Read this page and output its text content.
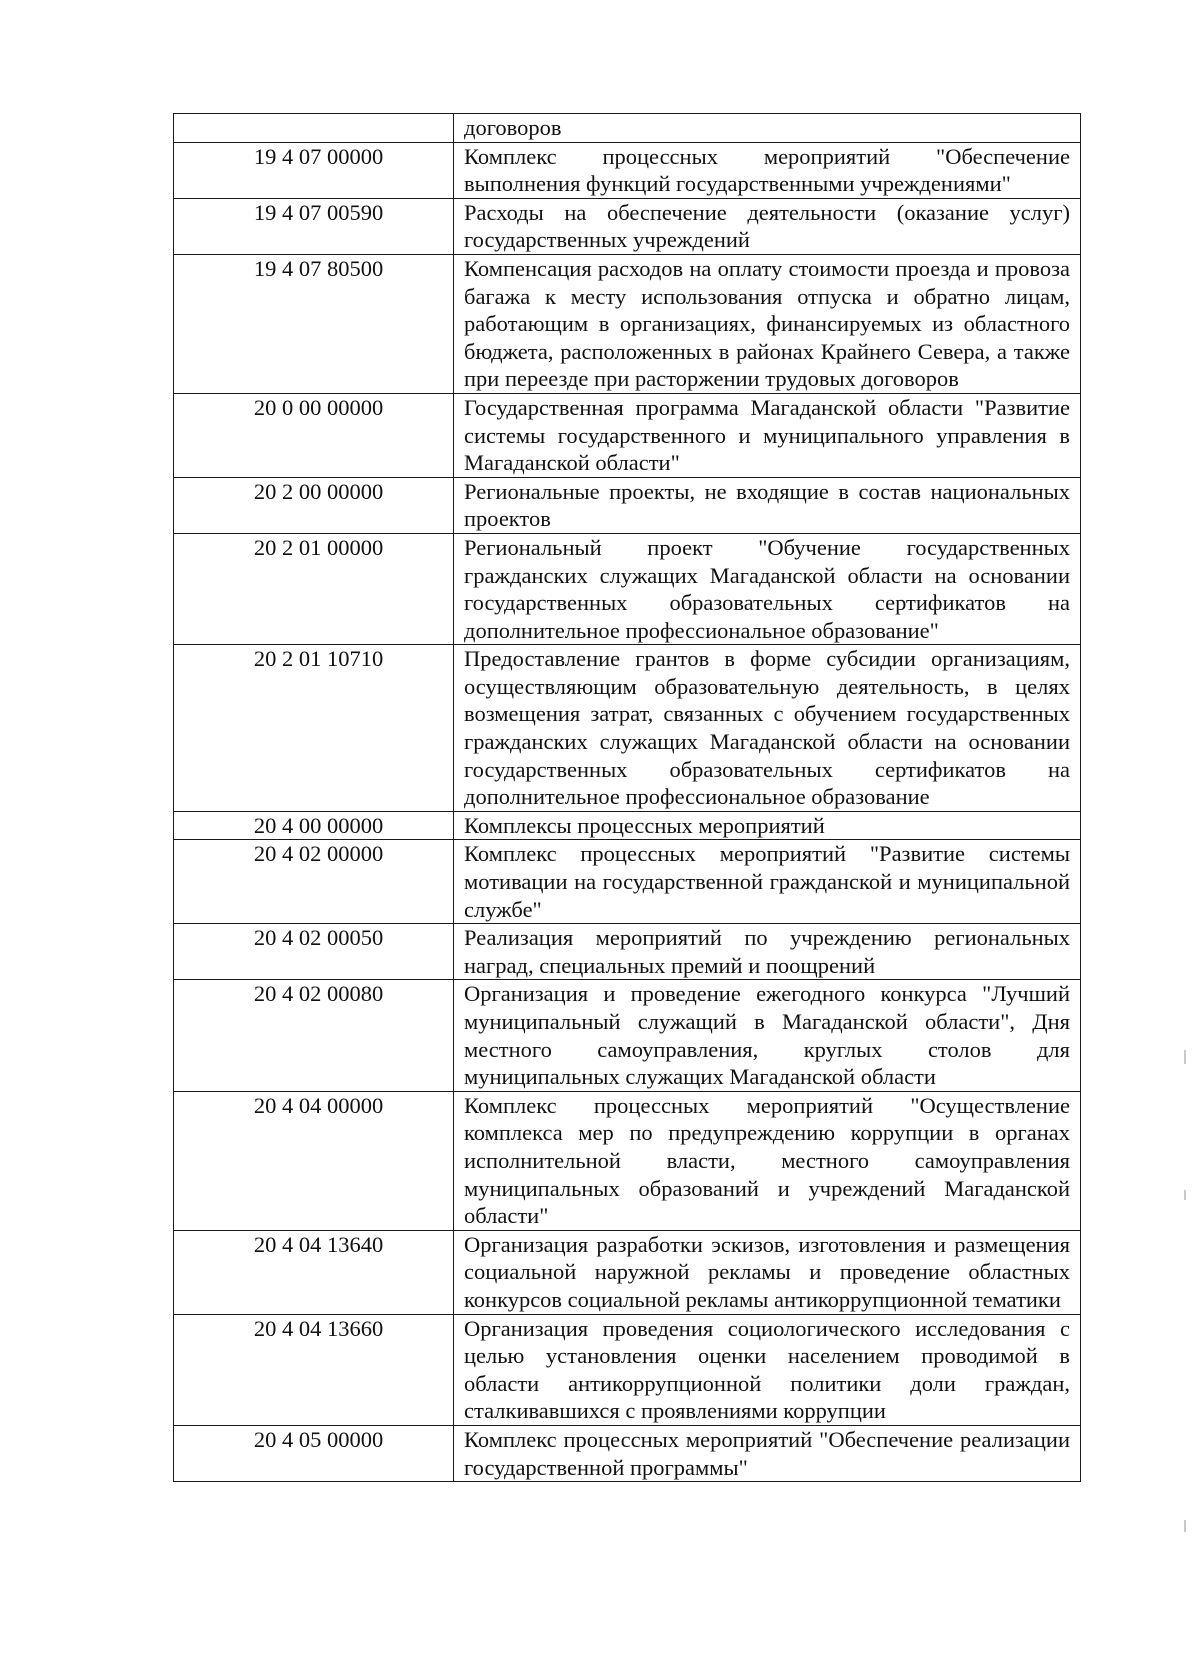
	договоров
19 4 07 00000	Комплекс процессных мероприятий "Обеспечение выполнения функций государственными учреждениями"
19 4 07 00590	Расходы на обеспечение деятельности (оказание услуг) государственных учреждений
19 4 07 80500	Компенсация расходов на оплату стоимости проезда и провоза багажа к месту использования отпуска и обратно лицам, работающим в организациях, финансируемых из областного бюджета, расположенных в районах Крайнего Севера, а также при переезде при расторжении трудовых договоров
20 0 00 00000	Государственная программа Магаданской области "Развитие системы государственного и муниципального управления в Магаданской области"
20 2 00 00000	Региональные проекты, не входящие в состав национальных проектов
20 2 01 00000	Региональный проект "Обучение государственных гражданских служащих Магаданской области на основании государственных образовательных сертификатов на дополнительное профессиональное образование"
20 2 01 10710	Предоставление грантов в форме субсидии организациям, осуществляющим образовательную деятельность, в целях возмещения затрат, связанных с обучением государственных гражданских служащих Магаданской области на основании государственных образовательных сертификатов на дополнительное профессиональное образование
20 4 00 00000	Комплексы процессных мероприятий
20 4 02 00000	Комплекс процессных мероприятий "Развитие системы мотивации на государственной гражданской и муниципальной службе"
20 4 02 00050	Реализация мероприятий по учреждению региональных наград, специальных премий и поощрений
20 4 02 00080	Организация и проведение ежегодного конкурса "Лучший муниципальный служащий в Магаданской области", Дня местного самоуправления, круглых столов для муниципальных служащих Магаданской области
20 4 04 00000	Комплекс процессных мероприятий "Осуществление комплекса мер по предупреждению коррупции в органах исполнительной власти, местного самоуправления муниципальных образований и учреждений Магаданской области"
20 4 04 13640	Организация разработки эскизов, изготовления и размещения социальной наружной рекламы и проведение областных конкурсов социальной рекламы антикоррупционной тематики
20 4 04 13660	Организация проведения социологического исследования с целью установления оценки населением проводимой в области антикоррупционной политики доли граждан, сталкивавшихся с проявлениями коррупции
20 4 05 00000	Комплекс процессных мероприятий "Обеспечение реализации государственной программы"
